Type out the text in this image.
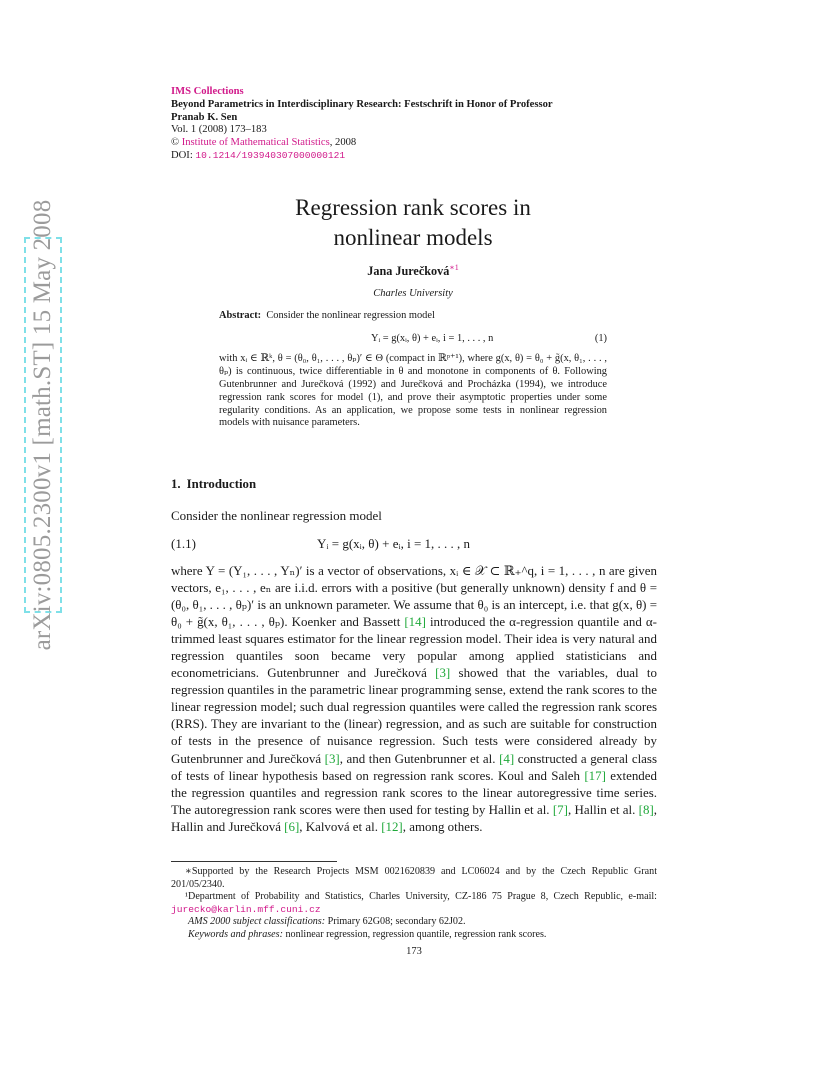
arXiv:0805.2300v1 [math.ST] 15 May 2008
IMS Collections
Beyond Parametrics in Interdisciplinary Research: Festschrift in Honor of Professor
Pranab K. Sen
Vol. 1 (2008) 173–183
© Institute of Mathematical Statistics, 2008
DOI: 10.1214/193940307000000121
Regression rank scores in
nonlinear models
Jana Jurečková$^{∗1}$
Charles University
Abstract: Consider the nonlinear regression model
Yᵢ = g(xᵢ, θ) + eᵢ, i = 1, . . . , n	(1)

with xᵢ ∈ ℝᵏ, θ = (θ₀, θ₁, . . . , θₚ)′ ∈ Θ (compact in ℝᵖ⁺¹), where g(x, θ) = θ₀ + g̃(x, θ₁, . . . , θₚ) is continuous, twice differentiable in θ and monotone in components of θ. Following Gutenbrunner and Jurečková (1992) and Jurečková and Procházka (1994), we introduce regression rank scores for model (1), and prove their asymptotic properties under some regularity conditions. As an application, we propose some tests in nonlinear regression models with nuisance parameters.

1. Introduction
Consider the nonlinear regression model
(1.1)	Yᵢ = g(xᵢ, θ) + eᵢ, i = 1, . . . , n

where Y = (Y₁, . . . , Yₙ)′ is a vector of observations, xᵢ ∈ 𝒳 ⊂ ℝ₊^q, i = 1, . . . , n are given vectors, e₁, . . . , eₙ are i.i.d. errors with a positive (but generally unknown) density f and θ = (θ₀, θ₁, . . . , θₚ)′ is an unknown parameter. We assume that θ₀ is an intercept, i.e. that g(x, θ) = θ₀ + g̃(x, θ₁, . . . , θₚ). Koenker and Bassett [14] introduced the α-regression quantile and α-trimmed least squares estimator for the linear regression model. Their idea is very natural and regression quantiles soon became very popular among applied statisticians and econometricians. Gutenbrunner and Jurečková [3] showed that the variables, dual to regression quantiles in the parametric linear programming sense, extend the rank scores to the linear regression model; such dual regression quantiles were called the regression rank scores (RRS). They are invariant to the (linear) regression, and as such are suitable for construction of tests in the presence of nuisance regression. Such tests were considered already by Gutenbrunner and Jurečková [3], and then Gutenbrunner et al. [4] constructed a general class of tests of linear hypothesis based on regression rank scores. Koul and Saleh [17] extended the regression quantiles and regression rank scores to the linear autoregressive time series. The autoregression rank scores were then used for testing by Hallin et al. [7], Hallin et al. [8], Hallin and Jurečková [6], Kalvová et al. [12], among others.

∗Supported by the Research Projects MSM 0021620839 and LC06024 and by the Czech Republic Grant 201/05/2340.

¹Department of Probability and Statistics, Charles University, CZ-186 75 Prague 8, Czech Republic, e-mail: jurecko@karlin.mff.cuni.cz

AMS 2000 subject classifications: Primary 62G08; secondary 62J02.

Keywords and phrases: nonlinear regression, regression quantile, regression rank scores.

173
